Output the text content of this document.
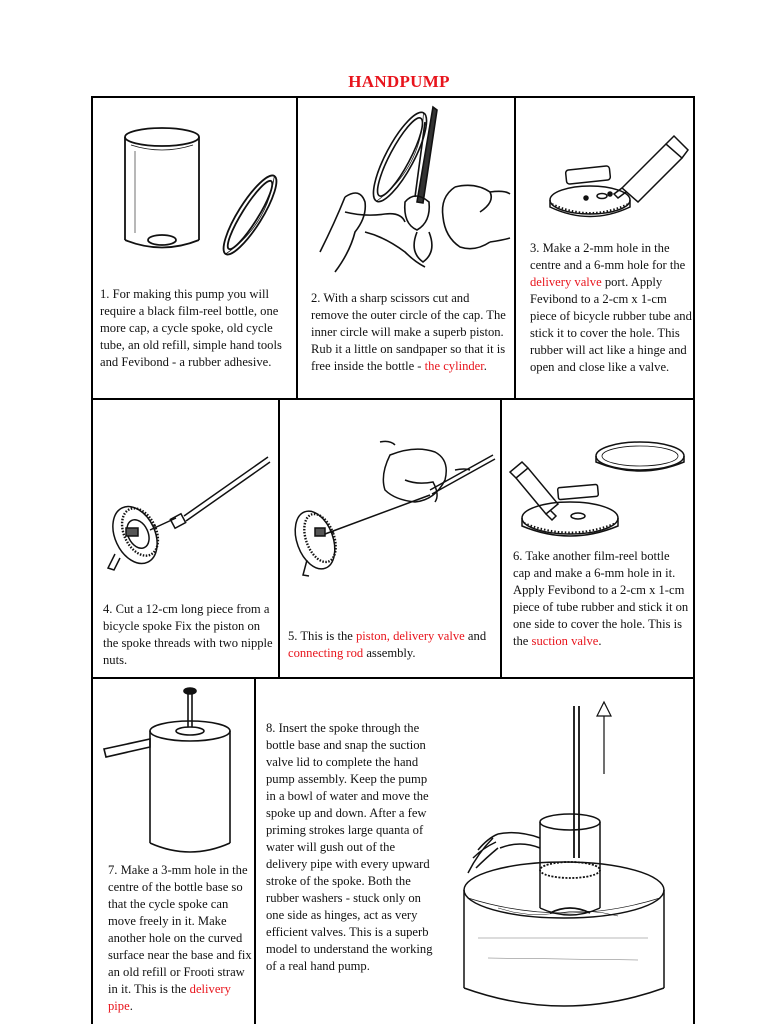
HANDPUMP

1. For making this pump you will require a black film-reel bottle, one more cap, a cycle spoke, old cycle tube, an old refill, simple hand tools and Fevibond - a rubber adhesive.

2. With a sharp scissors cut and remove the outer circle of the cap. The inner circle will make a superb piston. Rub it a little on sandpaper so that it is free inside the bottle - the cylinder.

3. Make a 2-mm hole in the centre and a 6-mm hole for the delivery valve port. Apply Fevibond to a 2-cm x 1-cm piece of bicycle rubber tube and stick it to cover the hole. This rubber will act like a hinge and open and close like a valve.

4. Cut a 12-cm long piece from a bicycle spoke Fix the piston on the spoke threads with two nipple nuts.

5. This is the piston, delivery valve and connecting rod assembly.

6. Take another film-reel bottle cap and make a 6-mm hole in it. Apply Fevibond to a 2-cm x 1-cm piece of tube rubber and stick it on one side to cover the hole. This is the suction valve.

7. Make a 3-mm hole in the centre of the bottle base so that the cycle spoke can move freely in it. Make another hole on the curved surface near the base and fix an old refill or Frooti straw in it. This is the delivery pipe.

8. Insert the spoke through the bottle base and snap the suction valve lid to complete the hand pump assembly. Keep the pump in a bowl of water and move the spoke up and down. After a few priming strokes large quanta of water will gush out of the delivery pipe with every upward stroke of the spoke. Both the rubber washers - stuck only on one side as hinges, act as very efficient valves. This is a superb model to understand the working of a real hand pump.
